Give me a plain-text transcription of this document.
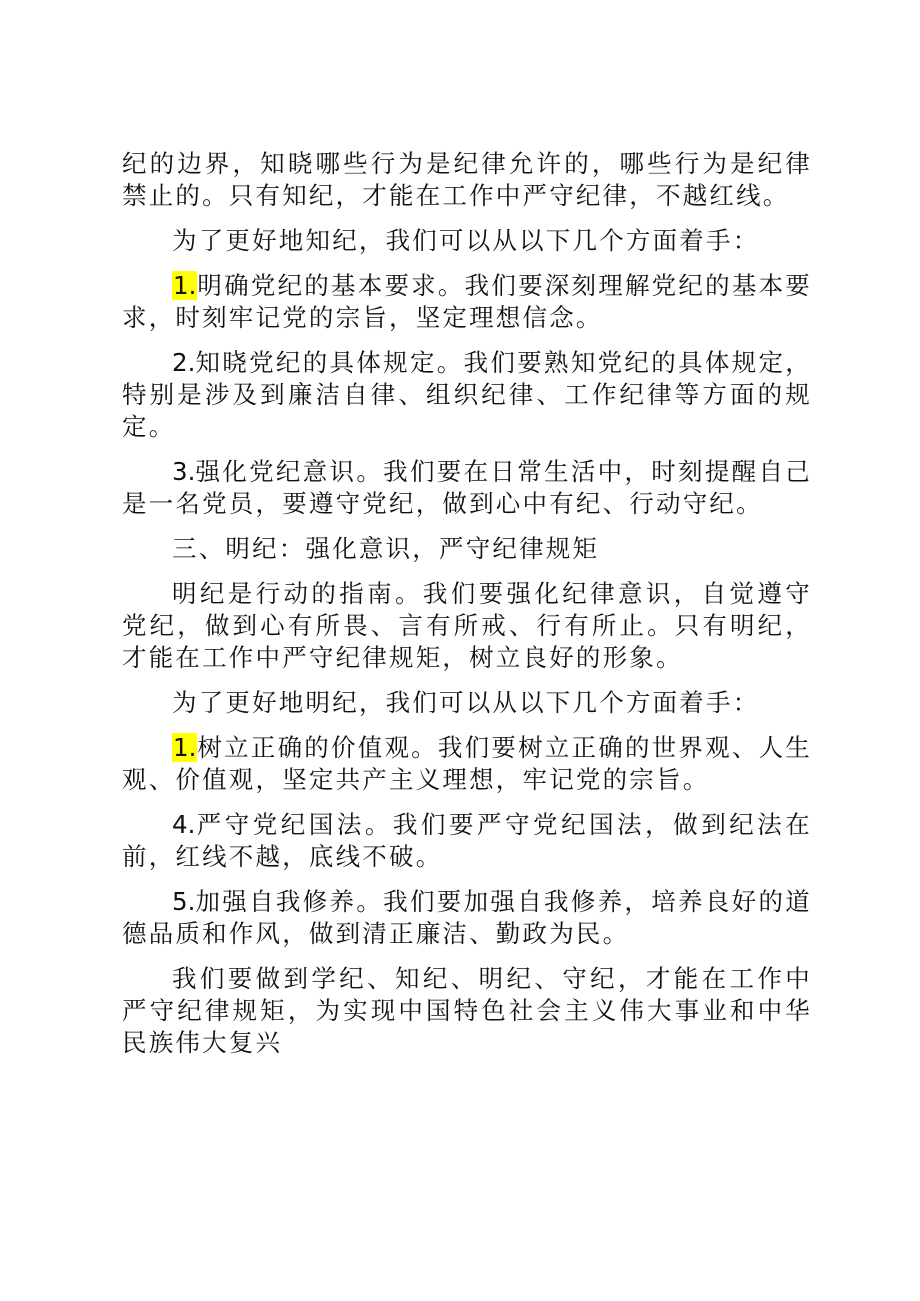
纪的边界，知晓哪些行为是纪律允许的，哪些行为是纪律禁止的。只有知纪，才能在工作中严守纪律，不越红线。

为了更好地知纪，我们可以从以下几个方面着手：

1.明确党纪的基本要求。我们要深刻理解党纪的基本要求，时刻牢记党的宗旨，坚定理想信念。

2.知晓党纪的具体规定。我们要熟知党纪的具体规定，特别是涉及到廉洁自律、组织纪律、工作纪律等方面的规定。

3.强化党纪意识。我们要在日常生活中，时刻提醒自己是一名党员，要遵守党纪，做到心中有纪、行动守纪。

三、明纪：强化意识，严守纪律规矩

明纪是行动的指南。我们要强化纪律意识，自觉遵守党纪，做到心有所畏、言有所戒、行有所止。只有明纪，才能在工作中严守纪律规矩，树立良好的形象。

为了更好地明纪，我们可以从以下几个方面着手：

1.树立正确的价值观。我们要树立正确的世界观、人生观、价值观，坚定共产主义理想，牢记党的宗旨。

4.严守党纪国法。我们要严守党纪国法，做到纪法在前，红线不越，底线不破。

5.加强自我修养。我们要加强自我修养，培养良好的道德品质和作风，做到清正廉洁、勤政为民。

我们要做到学纪、知纪、明纪、守纪，才能在工作中严守纪律规矩，为实现中国特色社会主义伟大事业和中华民族伟大复兴
